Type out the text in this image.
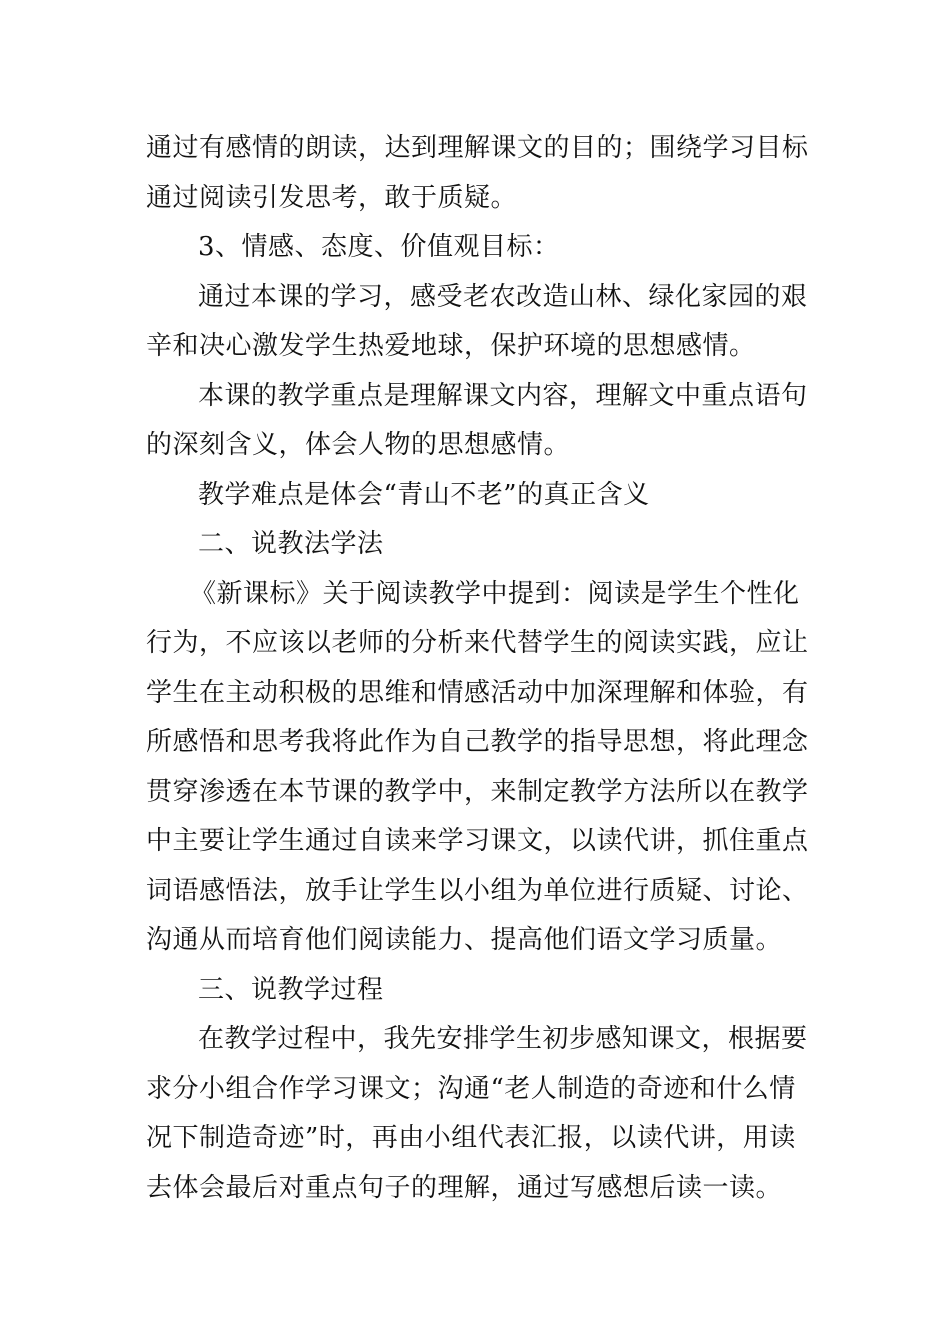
通过有感情的朗读，达到理解课文的目的；围绕学习目标
通过阅读引发思考，敢于质疑。

3、情感、态度、价值观目标：

通过本课的学习，感受老农改造山林、绿化家园的艰
辛和决心激发学生热爱地球，保护环境的思想感情。

本课的教学重点是理解课文内容，理解文中重点语句
的深刻含义，体会人物的思想感情。

教学难点是体会“青山不老”的真正含义

二、说教法学法

《新课标》关于阅读教学中提到：阅读是学生个性化
行为，不应该以老师的分析来代替学生的阅读实践，应让
学生在主动积极的思维和情感活动中加深理解和体验，有
所感悟和思考我将此作为自己教学的指导思想，将此理念
贯穿渗透在本节课的教学中，来制定教学方法所以在教学
中主要让学生通过自读来学习课文，以读代讲，抓住重点
词语感悟法，放手让学生以小组为单位进行质疑、讨论、
沟通从而培育他们阅读能力、提高他们语文学习质量。

三、说教学过程

在教学过程中，我先安排学生初步感知课文，根据要
求分小组合作学习课文；沟通“老人制造的奇迹和什么情
况下制造奇迹”时，再由小组代表汇报，以读代讲，用读
去体会最后对重点句子的理解，通过写感想后读一读。
